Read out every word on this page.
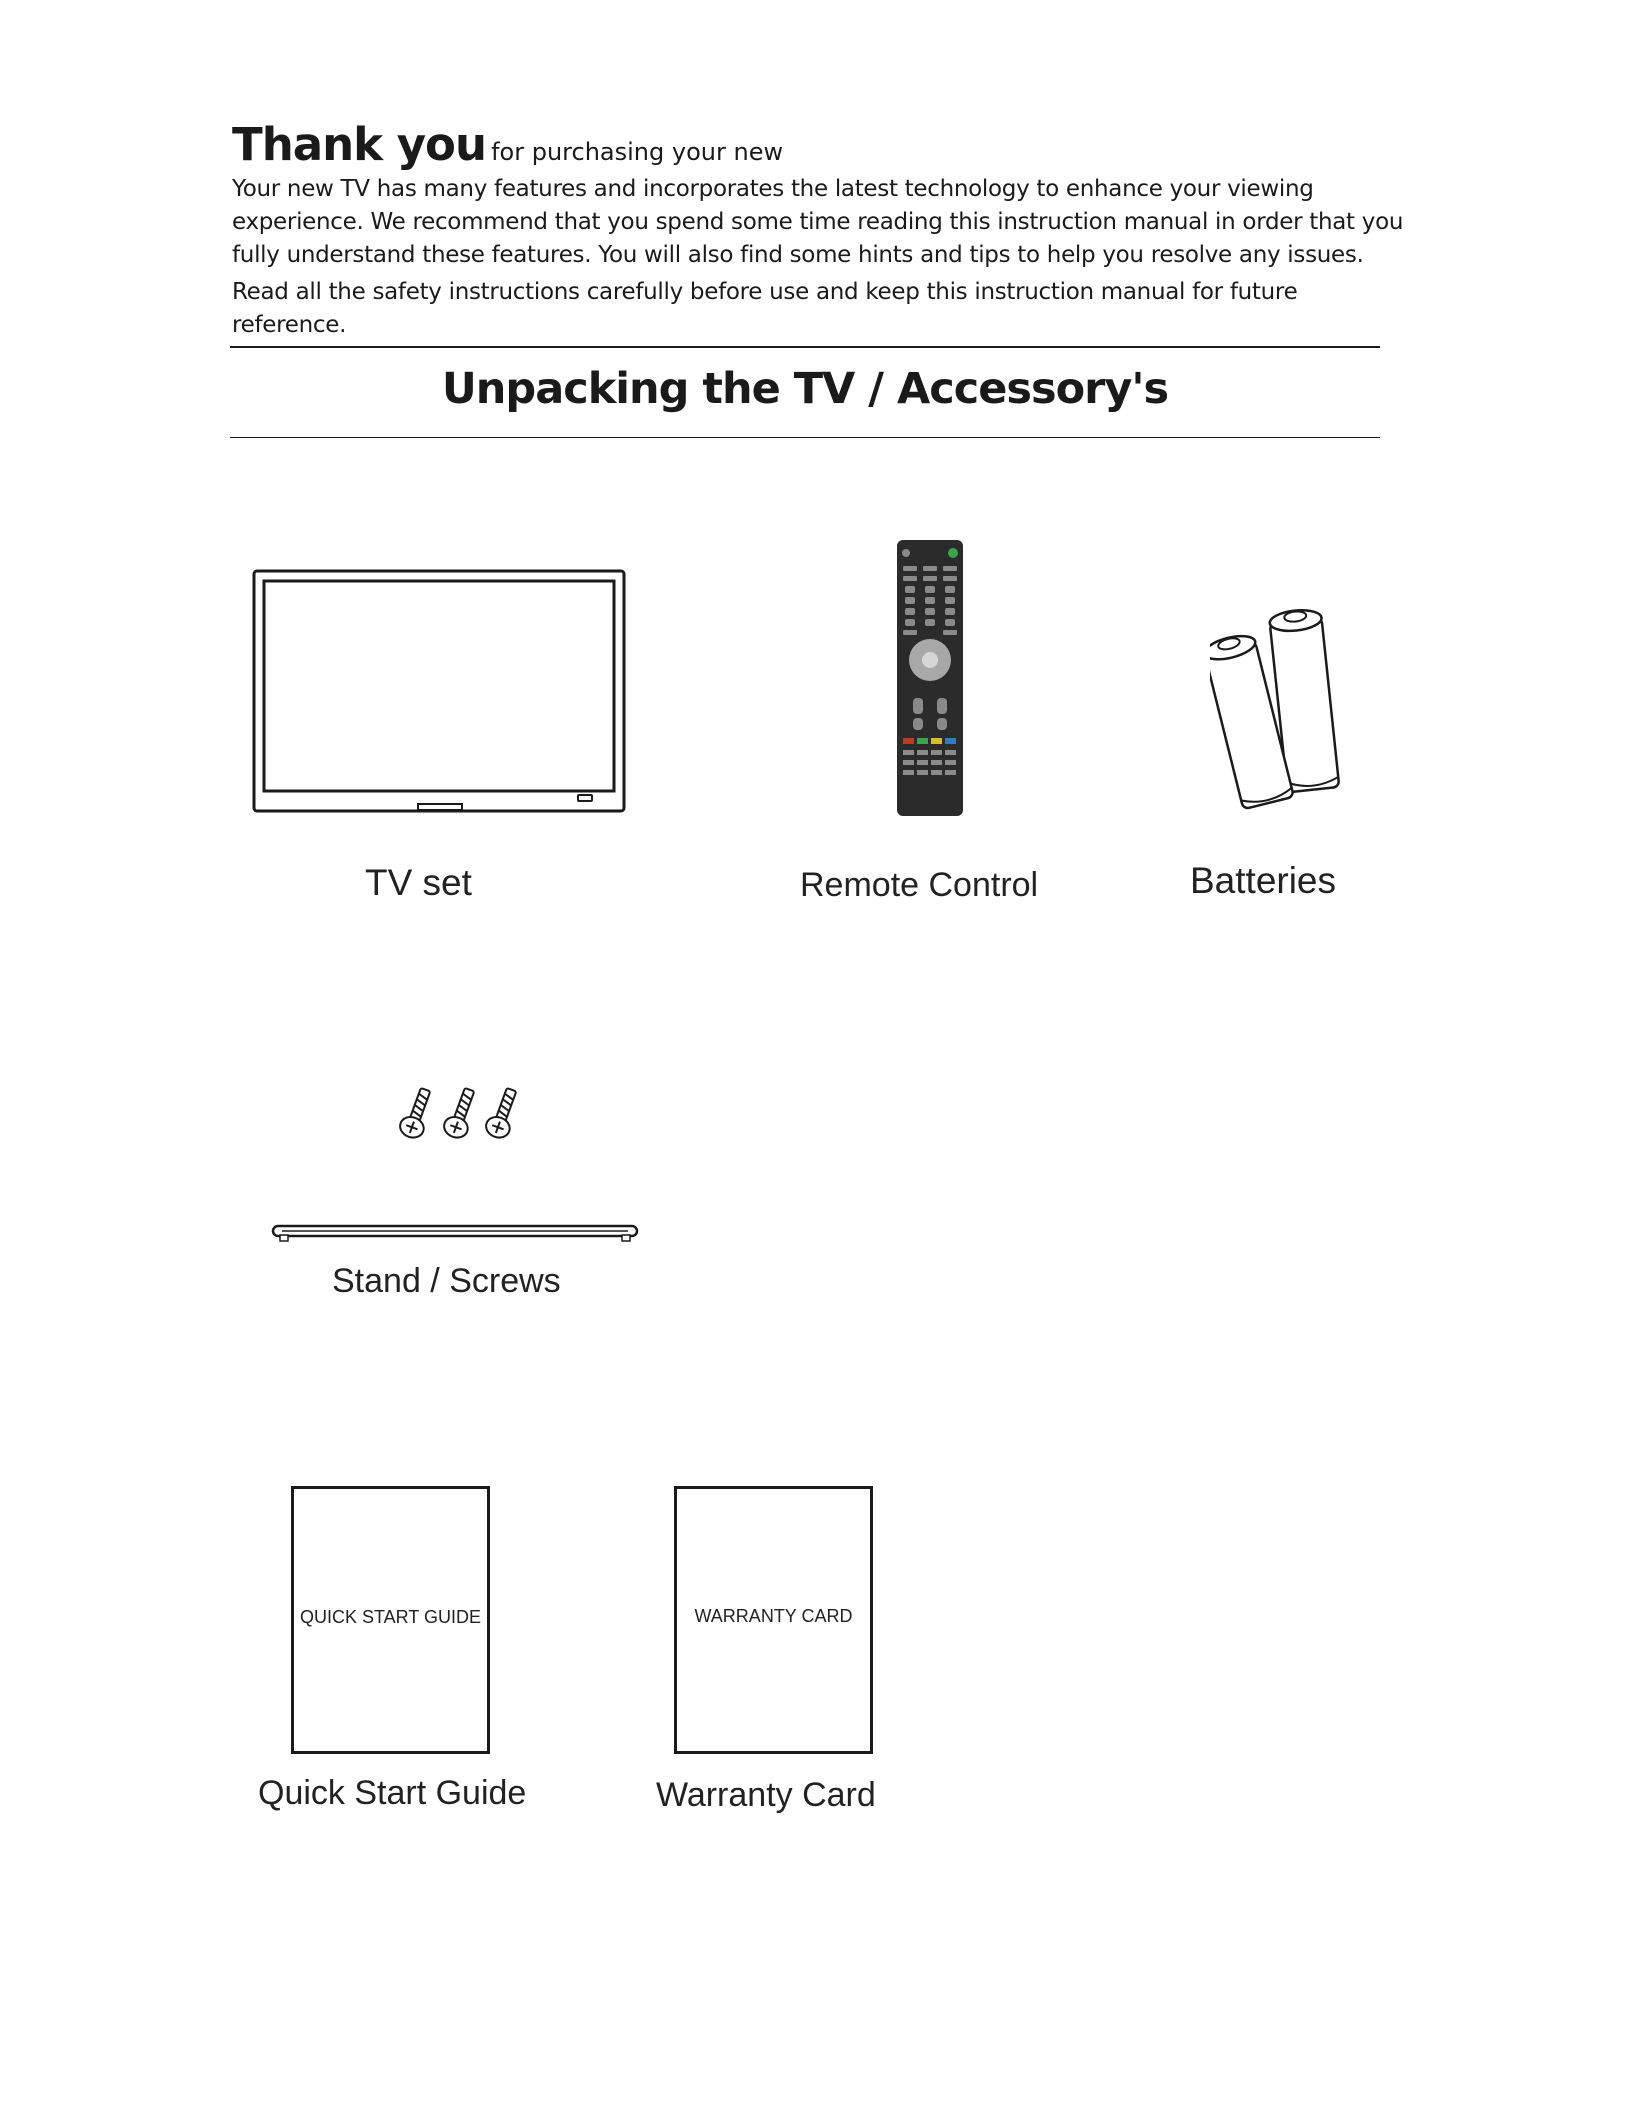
Thank you for purchasing your new

Your new TV has many features and incorporates the latest technology to enhance your viewing
experience. We recommend that you spend some time reading this instruction manual in order that you
fully understand these features. You will also find some hints and tips to help you resolve any issues.

Read all the safety instructions carefully before use and keep this instruction manual for future reference.

Unpacking the TV / Accessory's
TV set	Remote Control	Batteries
Stand / Screws
QUICK START GUIDE
Quick Start Guide
WARRANTY CARD
Warranty Card
